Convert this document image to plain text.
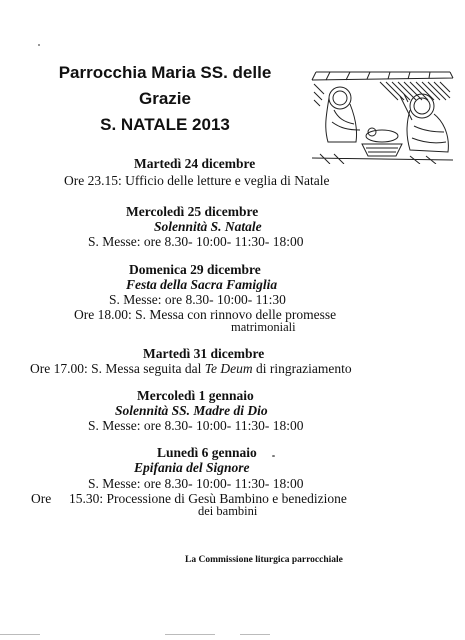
Parrocchia Maria SS. delle
Grazie
S. NATALE 2013
Martedì 24 dicembre
Ore 23.15: Ufficio delle letture e veglia di Natale
Mercoledì 25 dicembre
Solennità S. Natale
S. Messe: ore 8.30- 10:00- 11:30- 18:00
Domenica 29 dicembre
Festa della Sacra Famiglia
S. Messe: ore 8.30- 10:00- 11:30
Ore 18.00: S. Messa con rinnovo delle promesse
matrimoniali
Martedì 31 dicembre
Ore 17.00: S. Messa seguita dal Te Deum di ringraziamento
Mercoledì 1 gennaio
Solennità SS. Madre di Dio
S. Messe: ore 8.30- 10:00- 11:30- 18:00
Lunedì 6 gennaio
Epifania del Signore
S. Messe: ore 8.30- 10:00- 11:30- 18:00
Ore 15.30: Processione di Gesù Bambino e benedizione
dei bambini
La Commissione liturgica parrocchiale
